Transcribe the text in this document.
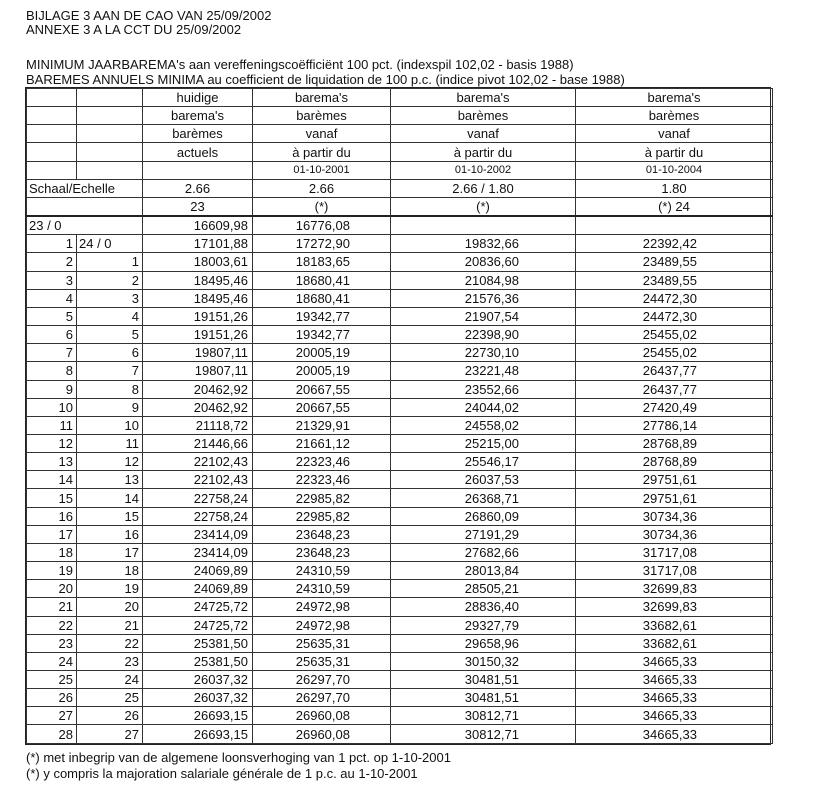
BIJLAGE 3 AAN DE CAO VAN 25/09/2002
ANNEXE 3 A LA CCT DU 25/09/2002
MINIMUM JAARBAREMA's aan vereffeningscoëfficiënt 100 pct. (indexspil 102,02 - basis 1988)
BAREMES ANNUELS MINIMA au coefficient de liquidation de 100 p.c. (indice pivot 102,02 - base 1988)
		huidige	barema's	barema's	barema's
		barema's	barèmes	barèmes	barèmes
		barèmes	vanaf	vanaf	vanaf
		actuels	à partir du	à partir du	à partir du
			01-10-2001	01-10-2002	01-10-2004
Schaal/Echelle		2.66	2.66	2.66 / 1.80	1.80
		23	(*)	(*)	(*) 24
23 / 0		16609,98	16776,08		
1	24 / 0	17101,88	17272,90	19832,66	22392,42
2	1	18003,61	18183,65	20836,60	23489,55
3	2	18495,46	18680,41	21084,98	23489,55
4	3	18495,46	18680,41	21576,36	24472,30
5	4	19151,26	19342,77	21907,54	24472,30
6	5	19151,26	19342,77	22398,90	25455,02
7	6	19807,11	20005,19	22730,10	25455,02
8	7	19807,11	20005,19	23221,48	26437,77
9	8	20462,92	20667,55	23552,66	26437,77
10	9	20462,92	20667,55	24044,02	27420,49
11	10	21118,72	21329,91	24558,02	27786,14
12	11	21446,66	21661,12	25215,00	28768,89
13	12	22102,43	22323,46	25546,17	28768,89
14	13	22102,43	22323,46	26037,53	29751,61
15	14	22758,24	22985,82	26368,71	29751,61
16	15	22758,24	22985,82	26860,09	30734,36
17	16	23414,09	23648,23	27191,29	30734,36
18	17	23414,09	23648,23	27682,66	31717,08
19	18	24069,89	24310,59	28013,84	31717,08
20	19	24069,89	24310,59	28505,21	32699,83
21	20	24725,72	24972,98	28836,40	32699,83
22	21	24725,72	24972,98	29327,79	33682,61
23	22	25381,50	25635,31	29658,96	33682,61
24	23	25381,50	25635,31	30150,32	34665,33
25	24	26037,32	26297,70	30481,51	34665,33
26	25	26037,32	26297,70	30481,51	34665,33
27	26	26693,15	26960,08	30812,71	34665,33
28	27	26693,15	26960,08	30812,71	34665,33
(*) met inbegrip van de algemene loonsverhoging van 1 pct. op 1-10-2001
(*) y compris la majoration salariale générale de 1 p.c. au 1-10-2001
